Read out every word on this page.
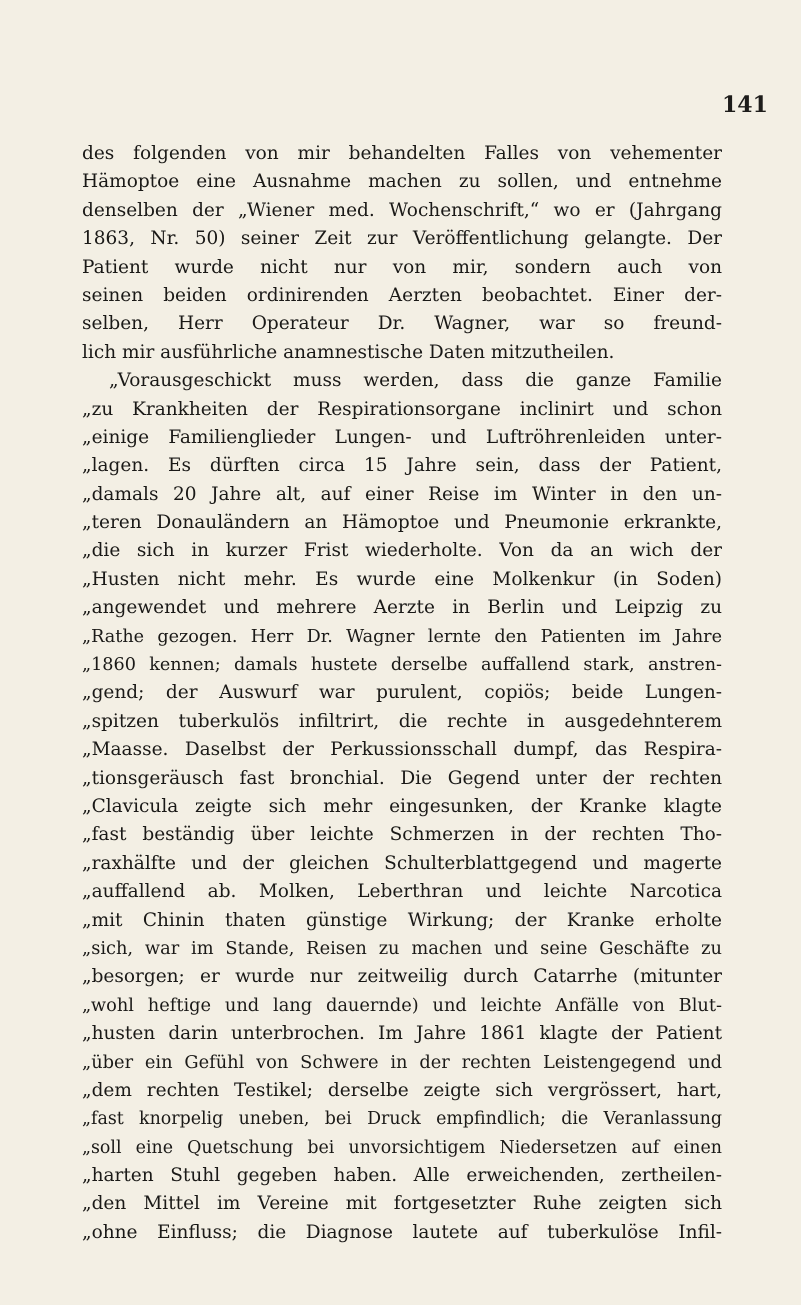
141

des folgenden von mir behandelten Falles von vehementer
Hämoptoe eine Ausnahme machen zu sollen, und entnehme
denselben der „Wiener med. Wochenschrift,“ wo er (Jahrgang
1863, Nr. 50) seiner Zeit zur Veröffentlichung gelangte. Der
Patient wurde nicht nur von mir, sondern auch von
seinen beiden ordinirenden Aerzten beobachtet. Einer der-
selben, Herr Operateur Dr. Wagner, war so freund-
lich mir ausführliche anamnestische Daten mitzutheilen.
„Vorausgeschickt muss werden, dass die ganze Familie
„zu Krankheiten der Respirationsorgane inclinirt und schon
„einige Familienglieder Lungen- und Luftröhrenleiden unter-
„lagen. Es dürften circa 15 Jahre sein, dass der Patient,
„damals 20 Jahre alt, auf einer Reise im Winter in den un-
„teren Donauländern an Hämoptoe und Pneumonie erkrankte,
„die sich in kurzer Frist wiederholte. Von da an wich der
„Husten nicht mehr. Es wurde eine Molkenkur (in Soden)
„angewendet und mehrere Aerzte in Berlin und Leipzig zu
„Rathe gezogen. Herr Dr. Wagner lernte den Patienten im Jahre
„1860 kennen; damals hustete derselbe auffallend stark, anstren-
„gend; der Auswurf war purulent, copiös; beide Lungen-
„spitzen tuberkulös infiltrirt, die rechte in ausgedehnterem
„Maasse. Daselbst der Perkussionsschall dumpf, das Respira-
„tionsgeräusch fast bronchial. Die Gegend unter der rechten
„Clavicula zeigte sich mehr eingesunken, der Kranke klagte
„fast beständig über leichte Schmerzen in der rechten Tho-
„raxhälfte und der gleichen Schulterblattgegend und magerte
„auffallend ab. Molken, Leberthran und leichte Narcotica
„mit Chinin thaten günstige Wirkung; der Kranke erholte
„sich, war im Stande, Reisen zu machen und seine Geschäfte zu
„besorgen; er wurde nur zeitweilig durch Catarrhe (mitunter
„wohl heftige und lang dauernde) und leichte Anfälle von Blut-
„husten darin unterbrochen. Im Jahre 1861 klagte der Patient
„über ein Gefühl von Schwere in der rechten Leistengegend und
„dem rechten Testikel; derselbe zeigte sich vergrössert, hart,
„fast knorpelig uneben, bei Druck empfindlich; die Veranlassung
„soll eine Quetschung bei unvorsichtigem Niedersetzen auf einen
„harten Stuhl gegeben haben. Alle erweichenden, zertheilen-
„den Mittel im Vereine mit fortgesetzter Ruhe zeigten sich
„ohne Einfluss; die Diagnose lautete auf tuberkulöse Infil-
